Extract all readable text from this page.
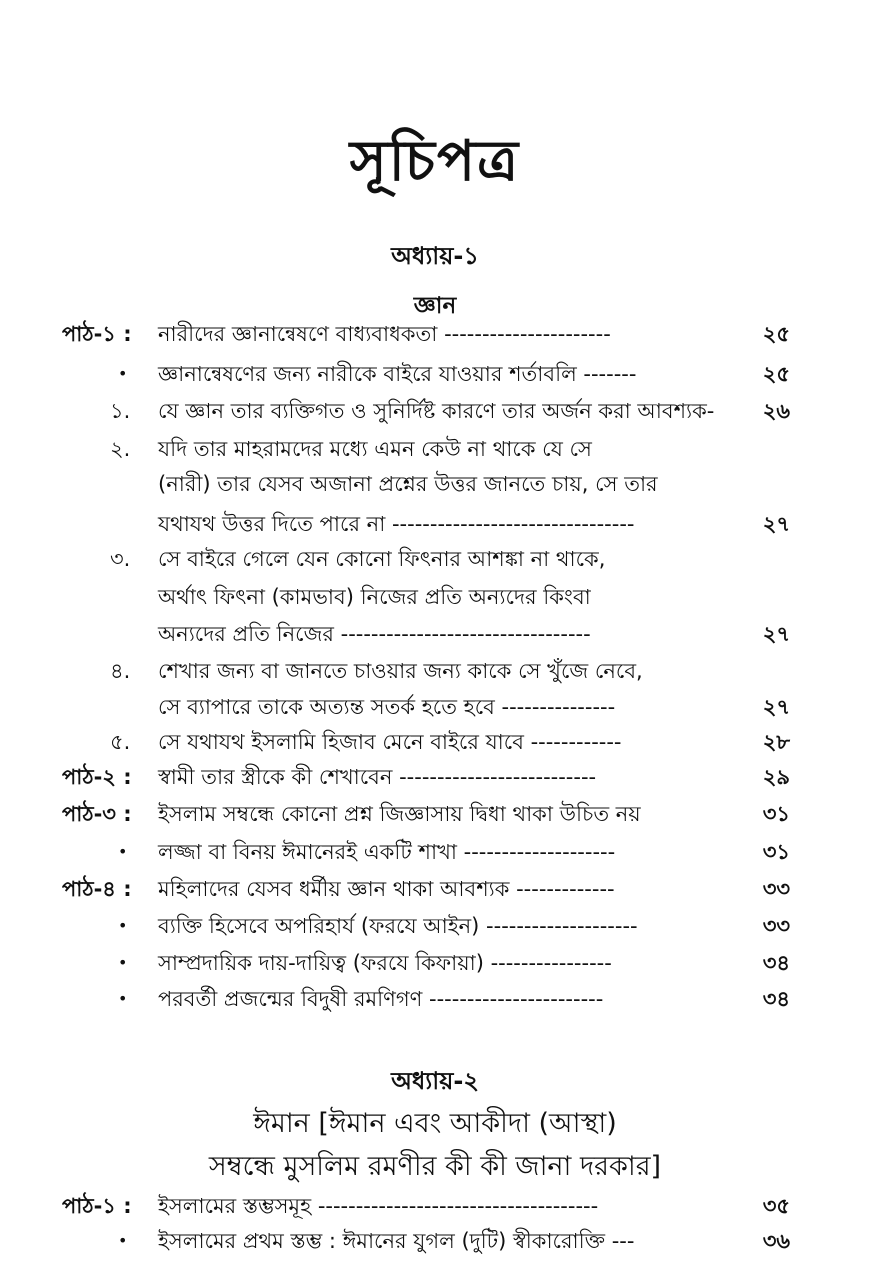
সূচিপত্র
অধ্যায়-১
জ্ঞান
পাঠ-১ : নারীদের জ্ঞানান্বেষণে বাধ্যবাধকতা ----------------------	২৫
• জ্ঞানান্বেষণের জন্য নারীকে বাইরে যাওয়ার শর্তাবলি -------	২৫
১. যে জ্ঞান তার ব্যক্তিগত ও সুনির্দিষ্ট কারণে তার অর্জন করা আবশ্যক-	২৬
২. যদি তার মাহরামদের মধ্যে এমন কেউ না থাকে যে সে
(নারী) তার যেসব অজানা প্রশ্নের উত্তর জানতে চায়, সে তার
যথাযথ উত্তর দিতে পারে না --------------------------------	২৭
৩. সে বাইরে গেলে যেন কোনো ফিৎনার আশঙ্কা না থাকে,
অর্থাৎ ফিৎনা (কামভাব) নিজের প্রতি অন্যদের কিংবা
অন্যদের প্রতি নিজের ---------------------------------	২৭
৪. শেখার জন্য বা জানতে চাওয়ার জন্য কাকে সে খুঁজে নেবে,
সে ব্যাপারে তাকে অত্যন্ত সতর্ক হতে হবে ---------------	২৭
৫. সে যথাযথ ইসলামি হিজাব মেনে বাইরে যাবে ------------	২৮
পাঠ-২ : স্বামী তার স্ত্রীকে কী শেখাবেন --------------------------	২৯
পাঠ-৩ : ইসলাম সম্বন্ধে কোনো প্রশ্ন জিজ্ঞাসায় দ্বিধা থাকা উচিত নয়	৩১
• লজ্জা বা বিনয় ঈমানেরই একটি শাখা --------------------	৩১
পাঠ-৪ : মহিলাদের যেসব ধর্মীয় জ্ঞান থাকা আবশ্যক -------------	৩৩
• ব্যক্তি হিসেবে অপরিহার্য (ফরযে আইন) --------------------	৩৩
• সাম্প্রদায়িক দায়-দায়িত্ব (ফরযে কিফায়া) ----------------	৩৪
• পরবর্তী প্রজন্মের বিদুষী রমণিগণ -----------------------	৩৪
অধ্যায়-২
ঈমান [ঈমান এবং আকীদা (আস্থা)
সম্বন্ধে মুসলিম রমণীর কী কী জানা দরকার]
পাঠ-১ : ইসলামের স্তম্ভসমূহ -------------------------------------	৩৫
• ইসলামের প্রথম স্তম্ভ : ঈমানের যুগল (দুটি) স্বীকারোক্তি ---	৩৬
